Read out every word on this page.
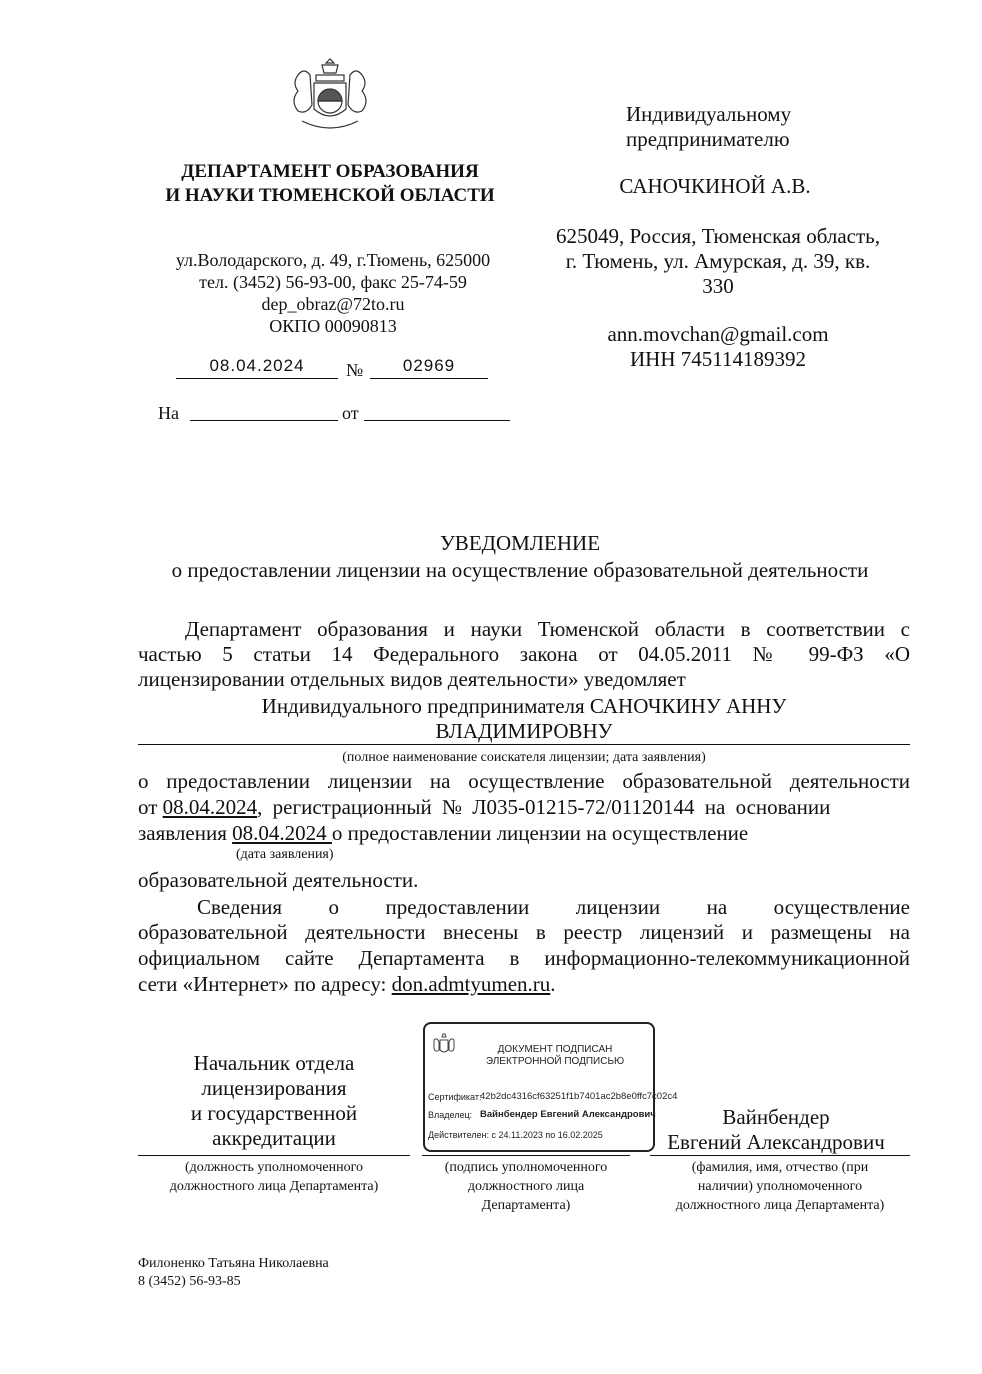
ДЕПАРТАМЕНТ ОБРАЗОВАНИЯ
И НАУКИ ТЮМЕНСКОЙ ОБЛАСТИ
ул.Володарского, д. 49, г.Тюмень, 625000
тел. (3452) 56-93-00, факс 25-74-59
dep_obraz@72to.ru
ОКПО 00090813
08.04.2024	№	02969
На	от
Индивидуальному
предпринимателю
САНОЧКИНОЙ А.В.
625049, Россия, Тюменская область,
г. Тюмень, ул. Амурская, д. 39, кв.
330
ann.movchan@gmail.com
ИНН 745114189392
УВЕДОМЛЕНИЕ
о предоставлении лицензии на осуществление образовательной деятельности
Департамент образования и науки Тюменской области в соответствии с
частью 5 статьи 14 Федерального закона от 04.05.2011 № 99-ФЗ «О
лицензировании отдельных видов деятельности» уведомляет
Индивидуального предпринимателя САНОЧКИНУ АННУ
ВЛАДИМИРОВНУ
(полное наименование соискателя лицензии; дата заявления)
о предоставлении лицензии на осуществление образовательной деятельности
от 08.04.2024, регистрационный № Л035-01215-72/01120144 на основании
заявления 08.04.2024 о предоставлении лицензии на осуществление
(дата заявления)
образовательной деятельности.
Сведения о предоставлении лицензии на осуществление
образовательной деятельности внесены в реестр лицензий и размещены на
официальном сайте Департамента в информационно-телекоммуникационной
сети «Интернет» по адресу: don.admtyumen.ru.
Начальник отдела
лицензирования
и государственной
аккредитации
(должность уполномоченного
должностного лица Департамента)
ДОКУМЕНТ ПОДПИСАН
ЭЛЕКТРОННОЙ ПОДПИСЬЮ
Сертификат:
42b2dc4316cf63251f1b7401ac2b8e0ffc7c02c4
Владелец: Вайнбендер Евгений Александрович
Действителен: с 24.11.2023 по 16.02.2025
(подпись уполномоченного
должностного лица
Департамента)
Вайнбендер
Евгений Александрович
(фамилия, имя, отчество (при
наличии) уполномоченного
должностного лица Департамента)
Филоненко Татьяна Николаевна
8 (3452) 56-93-85
